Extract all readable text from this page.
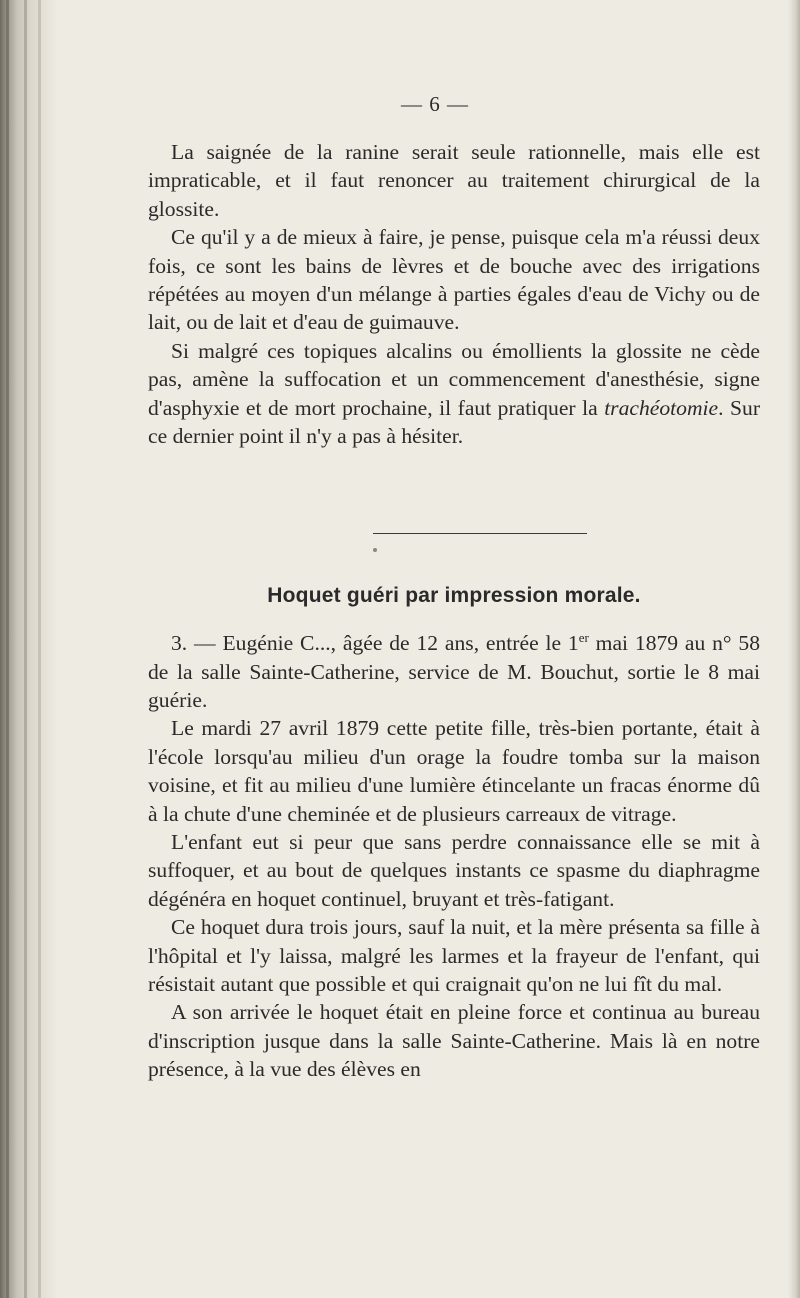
— 6 —

La saignée de la ranine serait seule rationnelle, mais elle est impraticable, et il faut renoncer au traitement chirurgical de la glossite.

Ce qu'il y a de mieux à faire, je pense, puisque cela m'a réussi deux fois, ce sont les bains de lèvres et de bouche avec des irrigations répétées au moyen d'un mélange à parties égales d'eau de Vichy ou de lait, ou de lait et d'eau de guimauve.

Si malgré ces topiques alcalins ou émollients la glossite ne cède pas, amène la suffocation et un commencement d'anesthésie, signe d'asphyxie et de mort prochaine, il faut pratiquer la trachéotomie. Sur ce dernier point il n'y a pas à hésiter.

Hoquet guéri par impression morale.

3. — Eugénie C..., âgée de 12 ans, entrée le 1er mai 1879 au n° 58 de la salle Sainte-Catherine, service de M. Bouchut, sortie le 8 mai guérie.

Le mardi 27 avril 1879 cette petite fille, très-bien portante, était à l'école lorsqu'au milieu d'un orage la foudre tomba sur la maison voisine, et fit au milieu d'une lumière étincelante un fracas énorme dû à la chute d'une cheminée et de plusieurs carreaux de vitrage.

L'enfant eut si peur que sans perdre connaissance elle se mit à suffoquer, et au bout de quelques instants ce spasme du diaphragme dégénéra en hoquet continuel, bruyant et très-fatigant.

Ce hoquet dura trois jours, sauf la nuit, et la mère présenta sa fille à l'hôpital et l'y laissa, malgré les larmes et la frayeur de l'enfant, qui résistait autant que possible et qui craignait qu'on ne lui fît du mal.

A son arrivée le hoquet était en pleine force et continua au bureau d'inscription jusque dans la salle Sainte-Catherine. Mais là en notre présence, à la vue des élèves en
